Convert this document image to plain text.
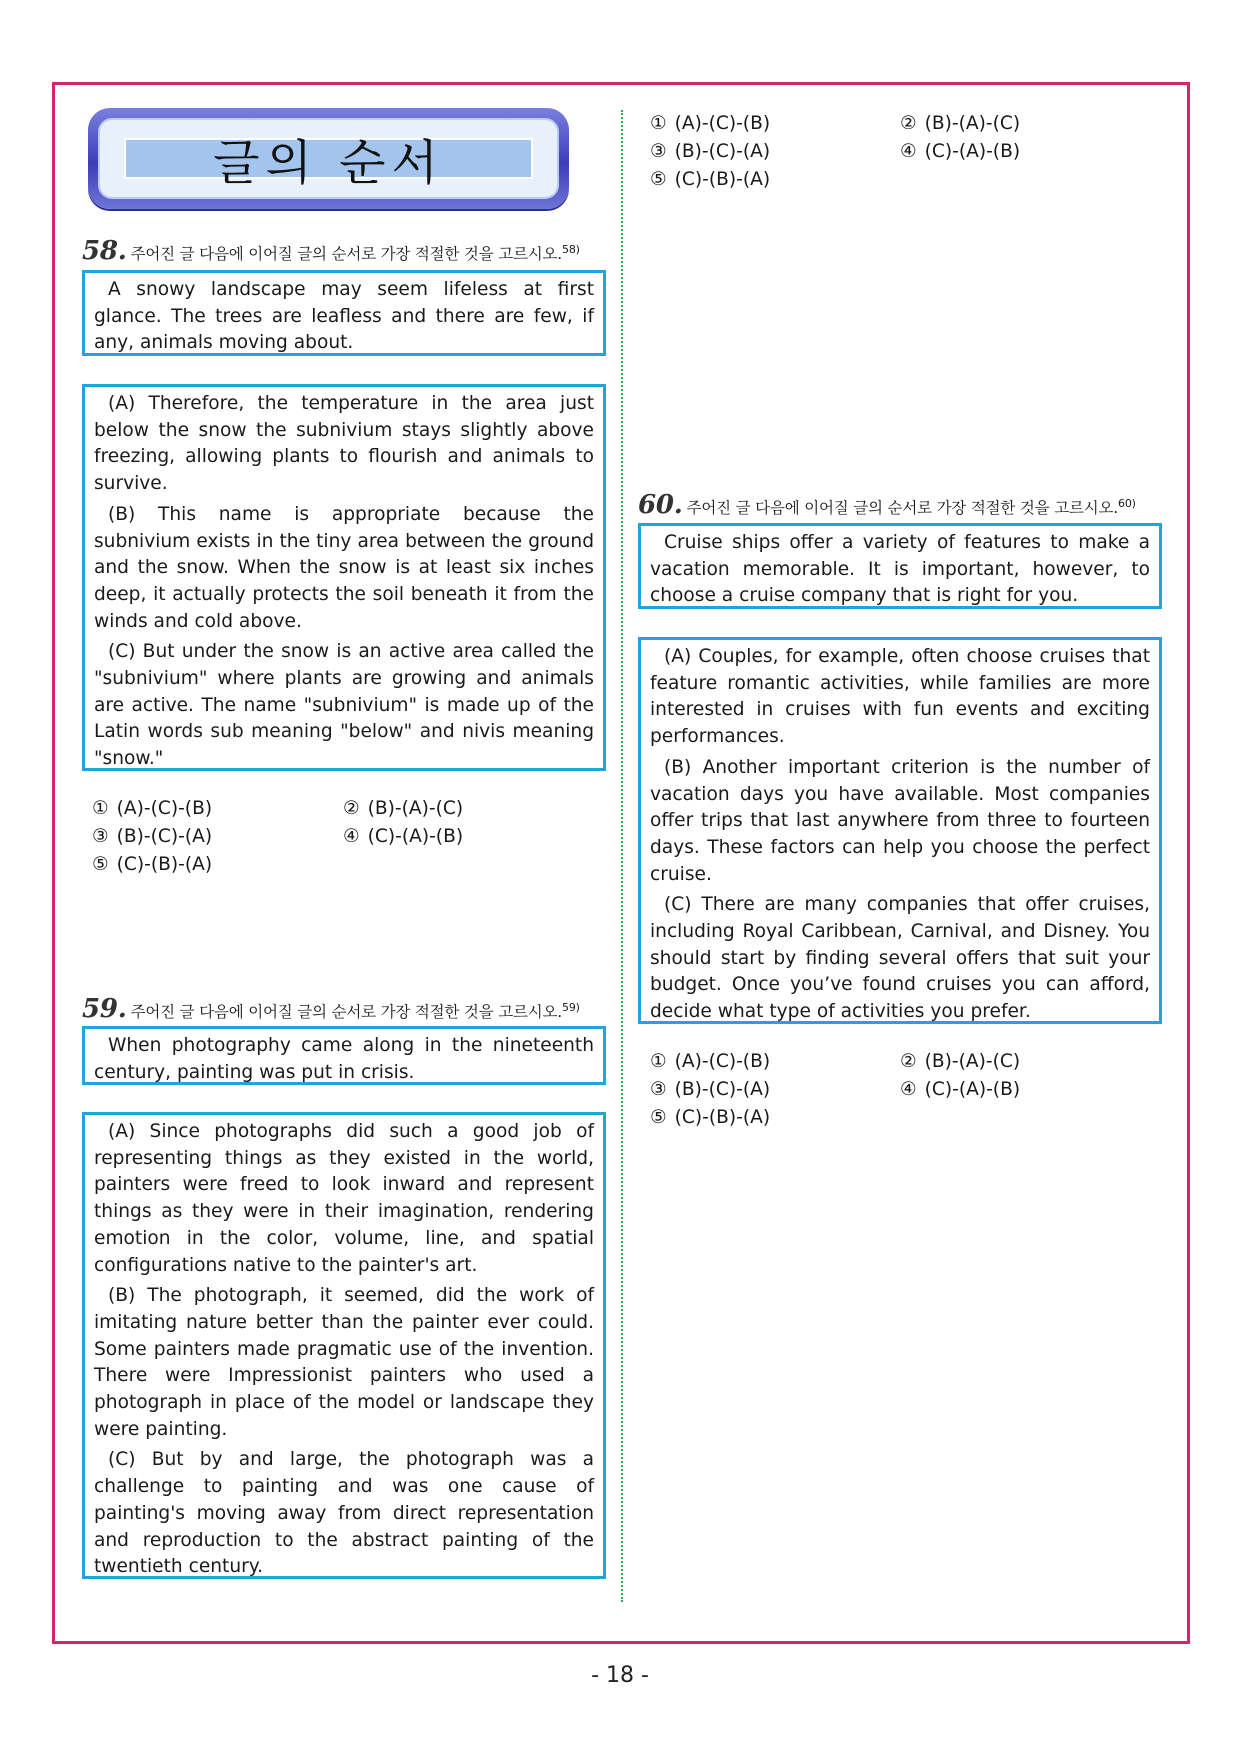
글의 순서
58. 주어진 글 다음에 이어질 글의 순서로 가장 적절한 것을 고르시오.$^{58)}$

A snowy landscape may seem lifeless at first glance. The trees are leafless and there are few, if any, animals moving about.

(A) Therefore, the temperature in the area just below the snow the subnivium stays slightly above freezing, allowing plants to flourish and animals to survive.

(B) This name is appropriate because the subnivium exists in the tiny area between the ground and the snow. When the snow is at least six inches deep, it actually protects the soil beneath it from the winds and cold above.

(C) But under the snow is an active area called the "subnivium" where plants are growing and animals are active. The name "subnivium" is made up of the Latin words sub meaning "below" and nivis meaning "snow."

① (A)-(C)-(B)	② (B)-(A)-(C)
③ (B)-(C)-(A)	④ (C)-(A)-(B)
⑤ (C)-(B)-(A)
59. 주어진 글 다음에 이어질 글의 순서로 가장 적절한 것을 고르시오.$^{59)}$

When photography came along in the nineteenth century, painting was put in crisis.

(A) Since photographs did such a good job of representing things as they existed in the world, painters were freed to look inward and represent things as they were in their imagination, rendering emotion in the color, volume, line, and spatial configurations native to the painter's art.

(B) The photograph, it seemed, did the work of imitating nature better than the painter ever could. Some painters made pragmatic use of the invention. There were Impressionist painters who used a photograph in place of the model or landscape they were painting.

(C) But by and large, the photograph was a challenge to painting and was one cause of painting's moving away from direct representation and reproduction to the abstract painting of the twentieth century.

① (A)-(C)-(B)	② (B)-(A)-(C)
③ (B)-(C)-(A)	④ (C)-(A)-(B)
⑤ (C)-(B)-(A)
60. 주어진 글 다음에 이어질 글의 순서로 가장 적절한 것을 고르시오.$^{60)}$

Cruise ships offer a variety of features to make a vacation memorable. It is important, however, to choose a cruise company that is right for you.

(A) Couples, for example, often choose cruises that feature romantic activities, while families are more interested in cruises with fun events and exciting performances.

(B) Another important criterion is the number of vacation days you have available. Most companies offer trips that last anywhere from three to fourteen days. These factors can help you choose the perfect cruise.

(C) There are many companies that offer cruises, including Royal Caribbean, Carnival, and Disney. You should start by finding several offers that suit your budget. Once you’ve found cruises you can afford, decide what type of activities you prefer.

① (A)-(C)-(B)	② (B)-(A)-(C)
③ (B)-(C)-(A)	④ (C)-(A)-(B)
⑤ (C)-(B)-(A)
- 18 -
